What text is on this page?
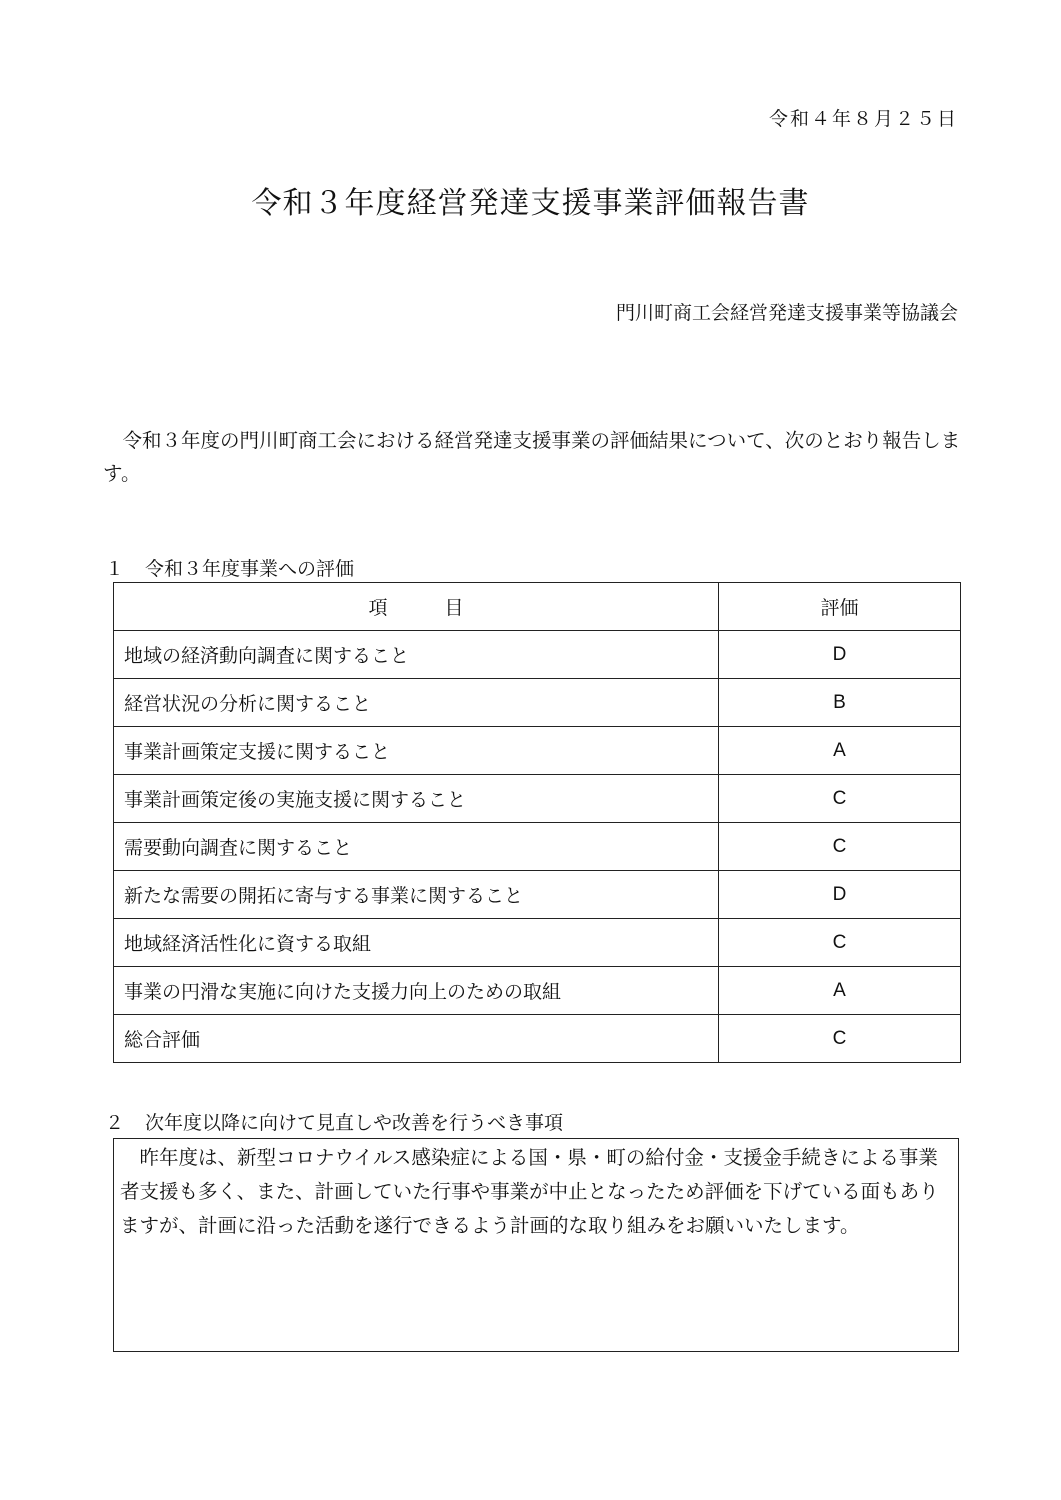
令和４年８月２５日
令和３年度経営発達支援事業評価報告書
門川町商工会経営発達支援事業等協議会

令和３年度の門川町商工会における経営発達支援事業の評価結果について、次のとおり報告します。

１ 令和３年度事業への評価
項　　　目	評価
地域の経済動向調査に関すること	D
経営状況の分析に関すること	B
事業計画策定支援に関すること	A
事業計画策定後の実施支援に関すること	C
需要動向調査に関すること	C
新たな需要の開拓に寄与する事業に関すること	D
地域経済活性化に資する取組	C
事業の円滑な実施に向けた支援力向上のための取組	A
総合評価	C
２ 次年度以降に向けて見直しや改善を行うべき事項

昨年度は、新型コロナウイルス感染症による国・県・町の給付金・支援金手続きによる事業者支援も多く、また、計画していた行事や事業が中止となったため評価を下げている面もありますが、計画に沿った活動を遂行できるよう計画的な取り組みをお願いいたします。
